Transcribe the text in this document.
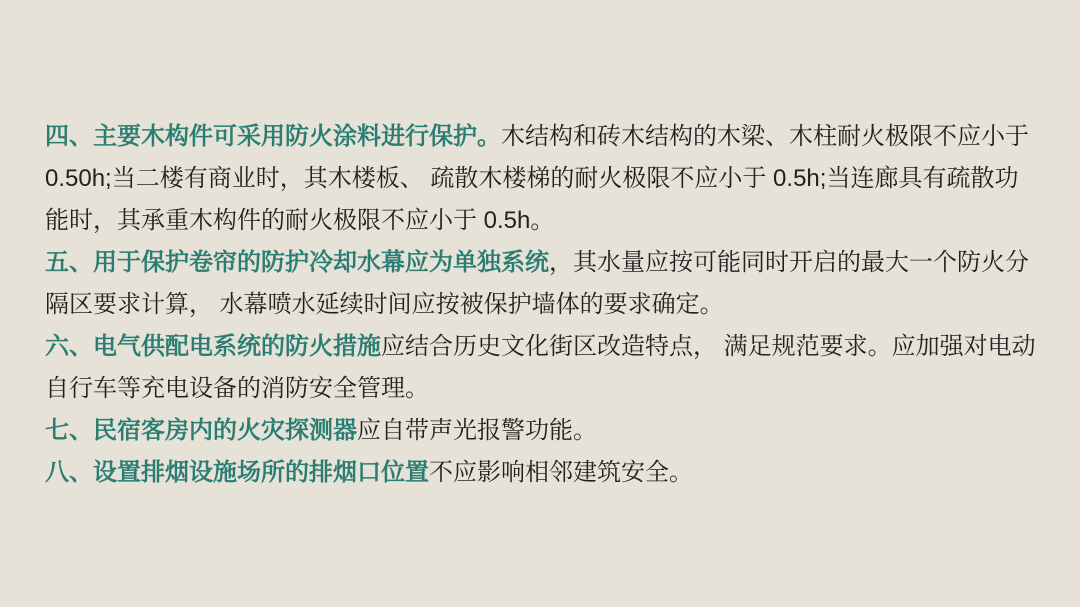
四、主要木构件可采用防火涂料进行保护。木结构和砖木结构的木梁、木柱耐火极限不应小于 0.50h;当二楼有商业时，其木楼板、 疏散木楼梯的耐火极限不应小于 0.5h;当连廊具有疏散功能时，其承重木构件的耐火极限不应小于 0.5h。

五、用于保护卷帘的防护冷却水幕应为单独系统，其水量应按可能同时开启的最大一个防火分隔区要求计算， 水幕喷水延续时间应按被保护墙体的要求确定。

六、电气供配电系统的防火措施应结合历史文化街区改造特点， 满足规范要求。应加强对电动自行车等充电设备的消防安全管理。

七、民宿客房内的火灾探测器应自带声光报警功能。

八、设置排烟设施场所的排烟口位置不应影响相邻建筑安全。
